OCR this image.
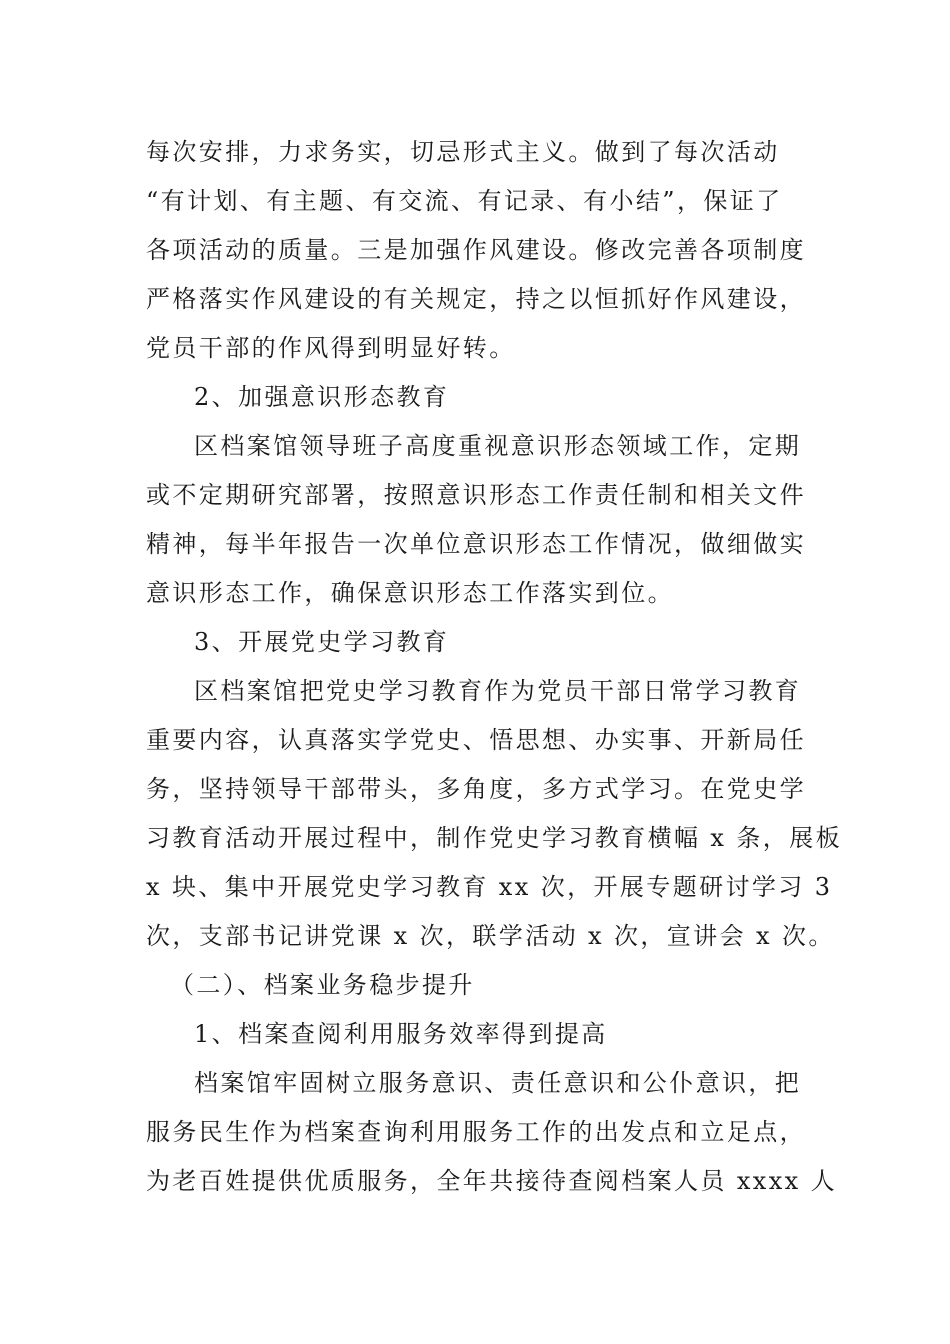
每次安排，力求务实，切忌形式主义。做到了每次活动
“有计划、有主题、有交流、有记录、有小结”，保证了
各项活动的质量。三是加强作风建设。修改完善各项制度
严格落实作风建设的有关规定，持之以恒抓好作风建设，
党员干部的作风得到明显好转。
2、加强意识形态教育
区档案馆领导班子高度重视意识形态领域工作，定期
或不定期研究部署，按照意识形态工作责任制和相关文件
精神，每半年报告一次单位意识形态工作情况，做细做实
意识形态工作，确保意识形态工作落实到位。
3、开展党史学习教育
区档案馆把党史学习教育作为党员干部日常学习教育
重要内容，认真落实学党史、悟思想、办实事、开新局任
务，坚持领导干部带头，多角度，多方式学习。在党史学
习教育活动开展过程中，制作党史学习教育横幅 x 条，展板
x 块、集中开展党史学习教育 xx 次，开展专题研讨学习 3
次，支部书记讲党课 x 次，联学活动 x 次，宣讲会 x 次。
（二）、档案业务稳步提升
1、档案查阅利用服务效率得到提高
档案馆牢固树立服务意识、责任意识和公仆意识，把
服务民生作为档案查询利用服务工作的出发点和立足点，
为老百姓提供优质服务，全年共接待查阅档案人员 xxxx 人
